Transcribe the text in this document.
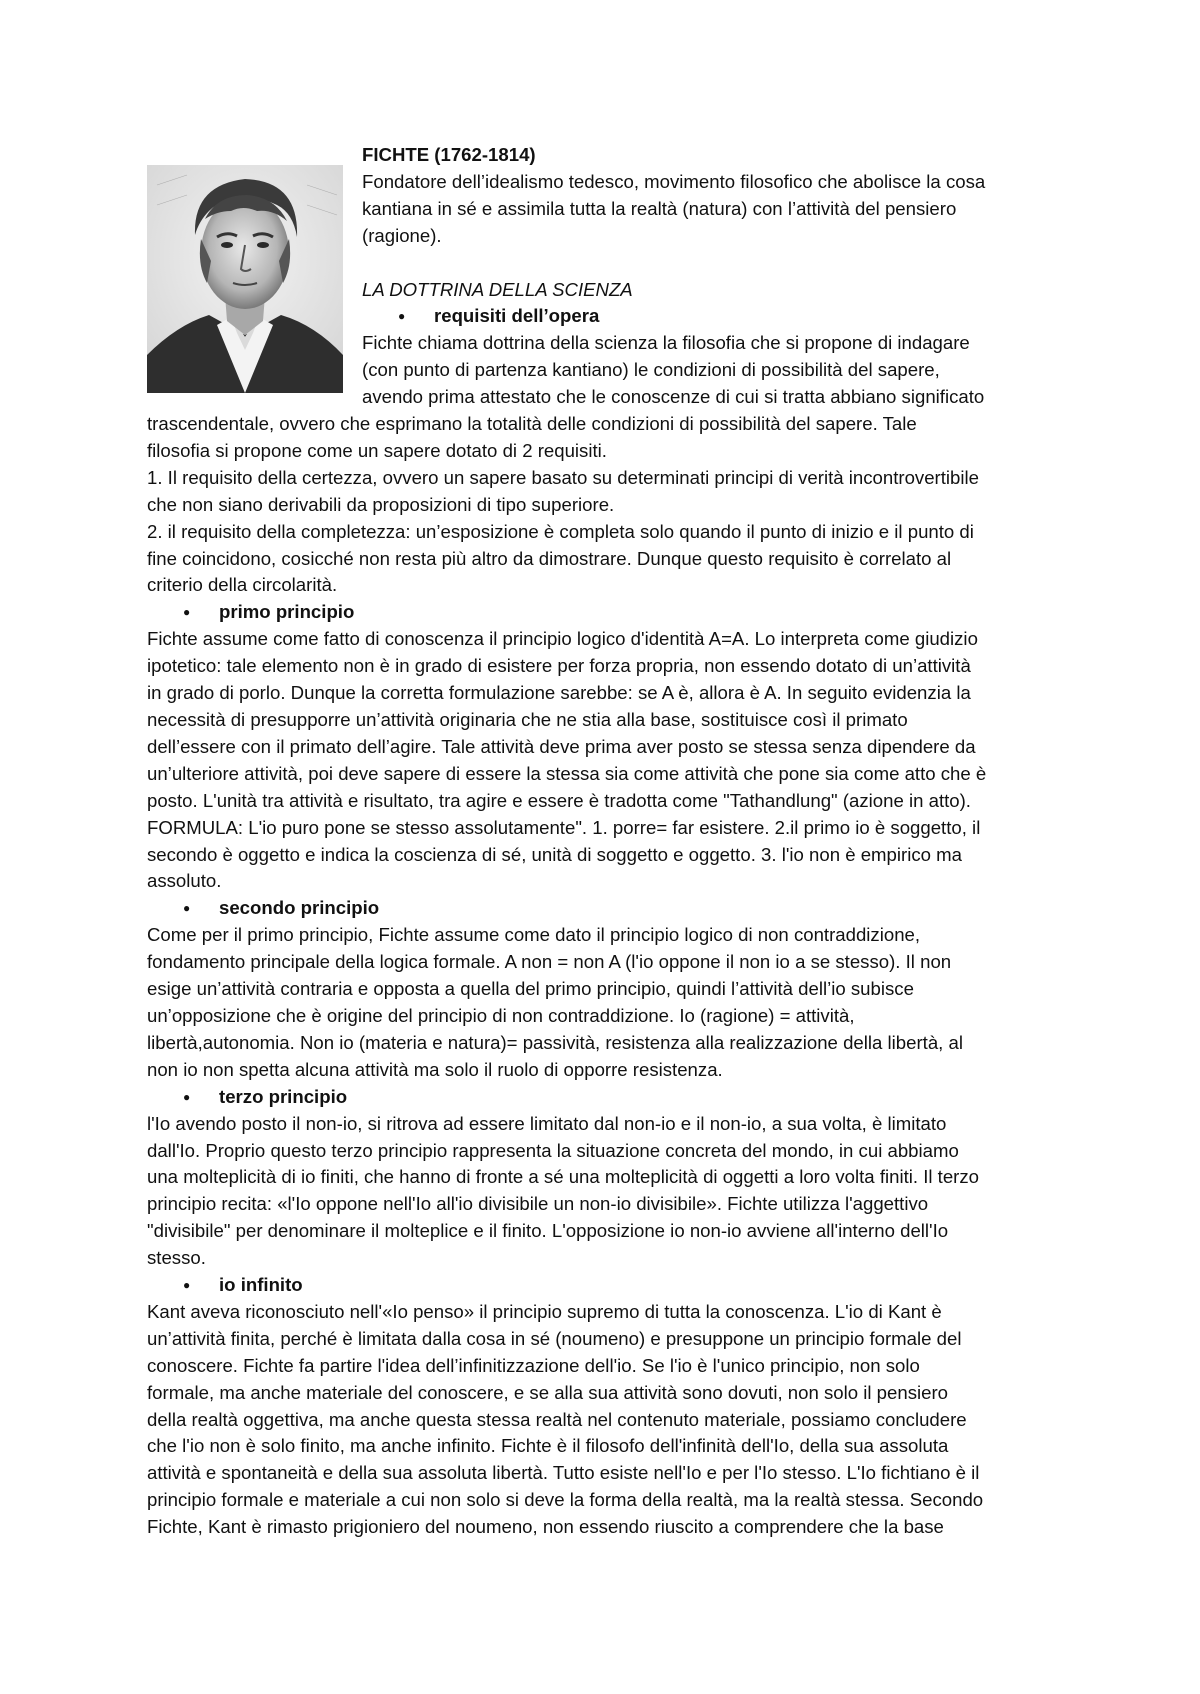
FICHTE (1762-1814)

Fondatore dell’idealismo tedesco, movimento filosofico che abolisce la cosa

kantiana in sé e assimila tutta la realtà (natura) con l’attività del pensiero

(ragione).

LA DOTTRINA DELLA SCIENZA

● requisiti dell’opera

Fichte chiama dottrina della scienza la filosofia che si propone di indagare

(con punto di partenza kantiano) le condizioni di possibilità del sapere,

avendo prima attestato che le conoscenze di cui si tratta abbiano significato

trascendentale, ovvero che esprimano la totalità delle condizioni di possibilità del sapere. Tale

filosofia si propone come un sapere dotato di 2 requisiti.

1. Il requisito della certezza, ovvero un sapere basato su determinati principi di verità incontrovertibile

che non siano derivabili da proposizioni di tipo superiore.

2. il requisito della completezza: un’esposizione è completa solo quando il punto di inizio e il punto di

fine coincidono, cosicché non resta più altro da dimostrare. Dunque questo requisito è correlato al

criterio della circolarità.

● primo principio

Fichte assume come fatto di conoscenza il principio logico d'identità A=A. Lo interpreta come giudizio

ipotetico: tale elemento non è in grado di esistere per forza propria, non essendo dotato di un’attività

in grado di porlo. Dunque la corretta formulazione sarebbe: se A è, allora è A. In seguito evidenzia la

necessità di presupporre un’attività originaria che ne stia alla base, sostituisce così il primato

dell’essere con il primato dell’agire. Tale attività deve prima aver posto se stessa senza dipendere da

un’ulteriore attività, poi deve sapere di essere la stessa sia come attività che pone sia come atto che è

posto. L'unità tra attività e risultato, tra agire e essere è tradotta come "Tathandlung" (azione in atto).

FORMULA: L'io puro pone se stesso assolutamente". 1. porre= far esistere. 2.il primo io è soggetto, il

secondo è oggetto e indica la coscienza di sé, unità di soggetto e oggetto. 3. l'io non è empirico ma

assoluto.

● secondo principio

Come per il primo principio, Fichte assume come dato il principio logico di non contraddizione,

fondamento principale della logica formale. A non = non A (l'io oppone il non io a se stesso). Il non

esige un’attività contraria e opposta a quella del primo principio, quindi l’attività dell’io subisce

un’opposizione che è origine del principio di non contraddizione. Io (ragione) = attività,

libertà,autonomia. Non io (materia e natura)= passività, resistenza alla realizzazione della libertà, al

non io non spetta alcuna attività ma solo il ruolo di opporre resistenza.

● terzo principio

l'Io avendo posto il non-io, si ritrova ad essere limitato dal non-io e il non-io, a sua volta, è limitato

dall'Io. Proprio questo terzo principio rappresenta la situazione concreta del mondo, in cui abbiamo

una molteplicità di io finiti, che hanno di fronte a sé una molteplicità di oggetti a loro volta finiti. Il terzo

principio recita: «l'Io oppone nell'Io all'io divisibile un non-io divisibile». Fichte utilizza l'aggettivo

"divisibile" per denominare il molteplice e il finito. L'opposizione io non-io avviene all'interno dell'Io

stesso.

● io infinito

Kant aveva riconosciuto nell'«Io penso» il principio supremo di tutta la conoscenza. L'io di Kant è

un’attività finita, perché è limitata dalla cosa in sé (noumeno) e presuppone un principio formale del

conoscere. Fichte fa partire l'idea dell’infinitizzazione dell'io. Se l'io è l'unico principio, non solo

formale, ma anche materiale del conoscere, e se alla sua attività sono dovuti, non solo il pensiero

della realtà oggettiva, ma anche questa stessa realtà nel contenuto materiale, possiamo concludere

che l'io non è solo finito, ma anche infinito. Fichte è il filosofo dell'infinità dell'Io, della sua assoluta

attività e spontaneità e della sua assoluta libertà. Tutto esiste nell'Io e per l'Io stesso. L'Io fichtiano è il

principio formale e materiale a cui non solo si deve la forma della realtà, ma la realtà stessa. Secondo

Fichte, Kant è rimasto prigioniero del noumeno, non essendo riuscito a comprendere che la base
